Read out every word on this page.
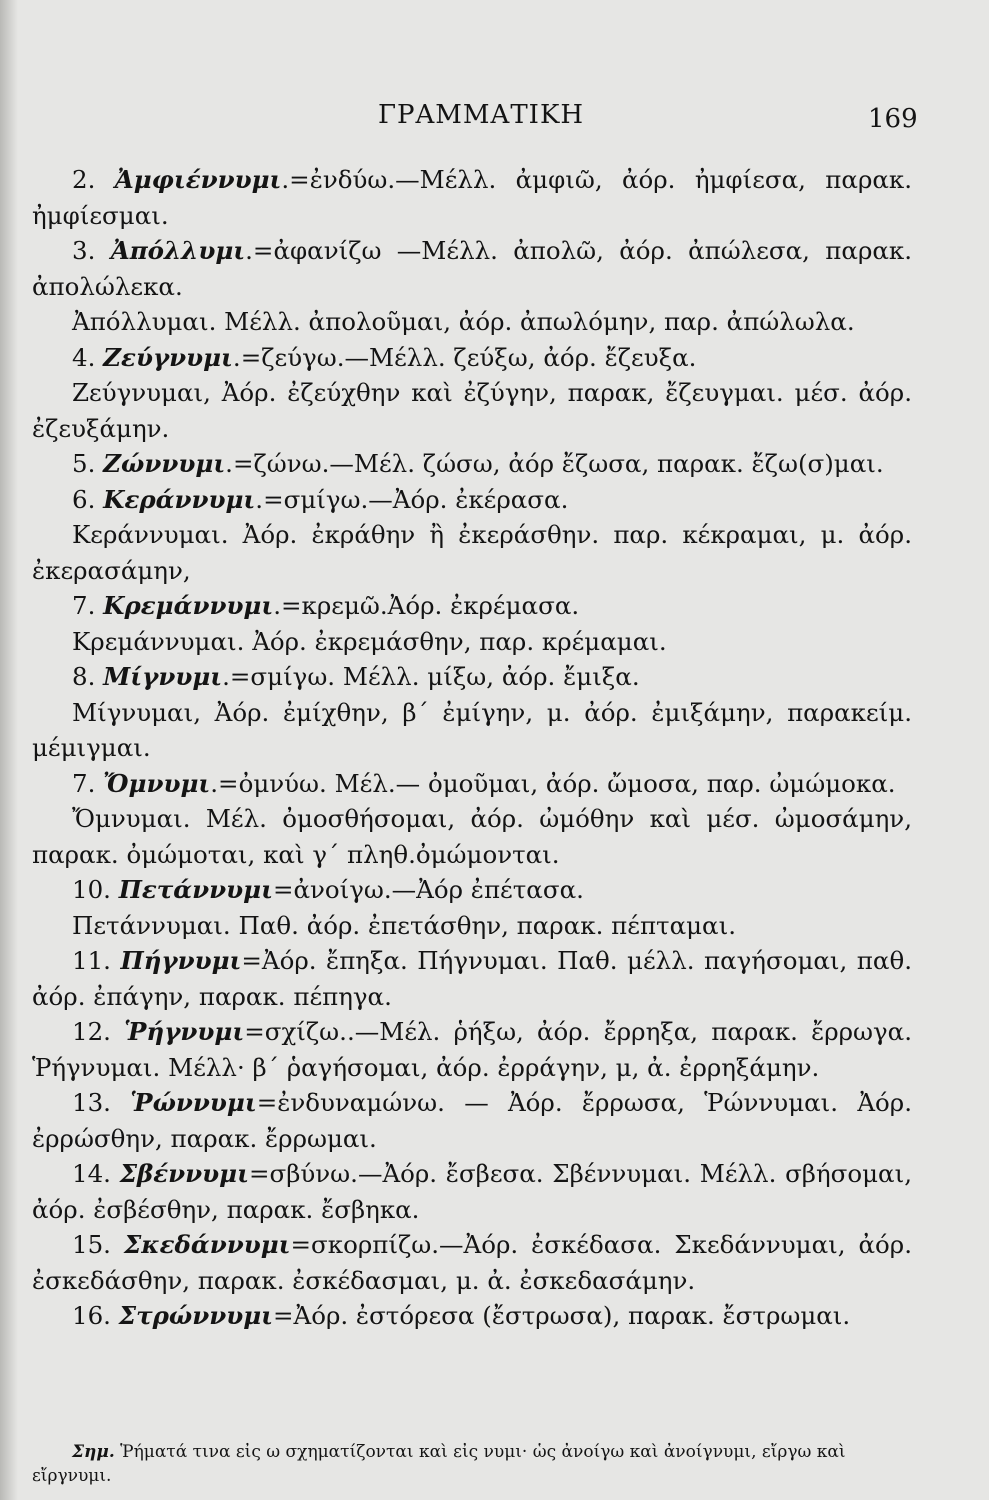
ΓΡΑΜΜΑΤΙΚΗ	169

2. Ἀμφιέννυμι.=ἐνδύω.—Μέλλ. ἀμφιῶ, ἀόρ. ἠμφίεσα, παρακ. ἠμφίεσμαι.

3. Ἀπόλλυμι.=ἀφανίζω —Μέλλ. ἀπολῶ, ἀόρ. ἀπώλεσα, παρακ. ἀπολώλεκα.

Ἀπόλλυμαι. Μέλλ. ἀπολοῦμαι, ἀόρ. ἀπωλόμην, παρ. ἀπώλωλα.

4. Ζεύγνυμι.=ζεύγω.—Μέλλ. ζεύξω, ἀόρ. ἔζευξα.

Ζεύγνυμαι, Ἀόρ. ἐζεύχθην καὶ ἐζύγην, παρακ, ἔζευγμαι. μέσ. ἀόρ. ἐζευξάμην.

5. Ζώννυμι.=ζώνω.—Μέλ. ζώσω, ἀόρ ἔζωσα, παρακ. ἔζω(σ)μαι.

6. Κεράννυμι.=σμίγω.—Ἀόρ. ἐκέρασα.

Κεράννυμαι. Ἀόρ. ἐκράθην ἢ ἐκεράσθην. παρ. κέκραμαι, μ. ἀόρ. ἐκερασάμην,

7. Κρεμάννυμι.=κρεμῶ.Ἀόρ. ἐκρέμασα.

Κρεμάννυμαι. Ἀόρ. ἐκρεμάσθην, παρ. κρέμαμαι.

8. Μίγνυμι.=σμίγω. Μέλλ. μίξω, ἀόρ. ἔμιξα.

Μίγνυμαι, Ἀόρ. ἐμίχθην, β´ ἐμίγην, μ. ἀόρ. ἐμιξάμην, παρακείμ. μέμιγμαι.

7. Ὄμνυμι.=ὀμνύω. Μέλ.— ὀμοῦμαι, ἀόρ. ὤμοσα, παρ. ὠμώμοκα.

Ὄμνυμαι. Μέλ. ὀμοσθήσομαι, ἀόρ. ὠμόθην καὶ μέσ. ὠμοσάμην, παρακ. ὀμώμοται, καὶ γ´ πληθ.ὀμώμονται.

10. Πετάννυμι=ἀνοίγω.—Ἀόρ ἐπέτασα.

Πετάννυμαι. Παθ. ἀόρ. ἐπετάσθην, παρακ. πέπταμαι.

11. Πήγνυμι=Ἀόρ. ἔπηξα. Πήγνυμαι. Παθ. μέλλ. παγήσομαι, παθ. ἀόρ. ἐπάγην, παρακ. πέπηγα.

12. Ῥήγνυμι=σχίζω..—Μέλ. ῥήξω, ἀόρ. ἔρρηξα, παρακ. ἔρρωγα. Ῥήγνυμαι. Μέλλ· β´ ῥαγήσομαι, ἀόρ. ἐρράγην, μ, ἀ. ἐρρηξάμην.

13. Ῥώννυμι=ἐνδυναμώνω. — Ἀόρ. ἔρρωσα, Ῥώννυμαι. Ἀόρ. ἐρρώσθην, παρακ. ἔρρωμαι.

14. Σβέννυμι=σβύνω.—Ἀόρ. ἔσβεσα. Σβέννυμαι. Μέλλ. σβήσομαι, ἀόρ. ἐσβέσθην, παρακ. ἔσβηκα.

15. Σκεδάννυμι=σκορπίζω.—Ἀόρ. ἐσκέδασα. Σκεδάννυμαι, ἀόρ. ἐσκεδάσθην, παρακ. ἐσκέδασμαι, μ. ἀ. ἐσκεδασάμην.

16. Στρώννυμι=Ἀόρ. ἐστόρεσα (ἔστρωσα), παρακ. ἔστρωμαι.

Σημ. Ῥήματά τινα εἰς ω σχηματίζονται καὶ εἰς νυμι· ὡς ἀνοίγω καὶ ἀνοίγνυμι, εἴργω καὶ εἴργνυμι.
